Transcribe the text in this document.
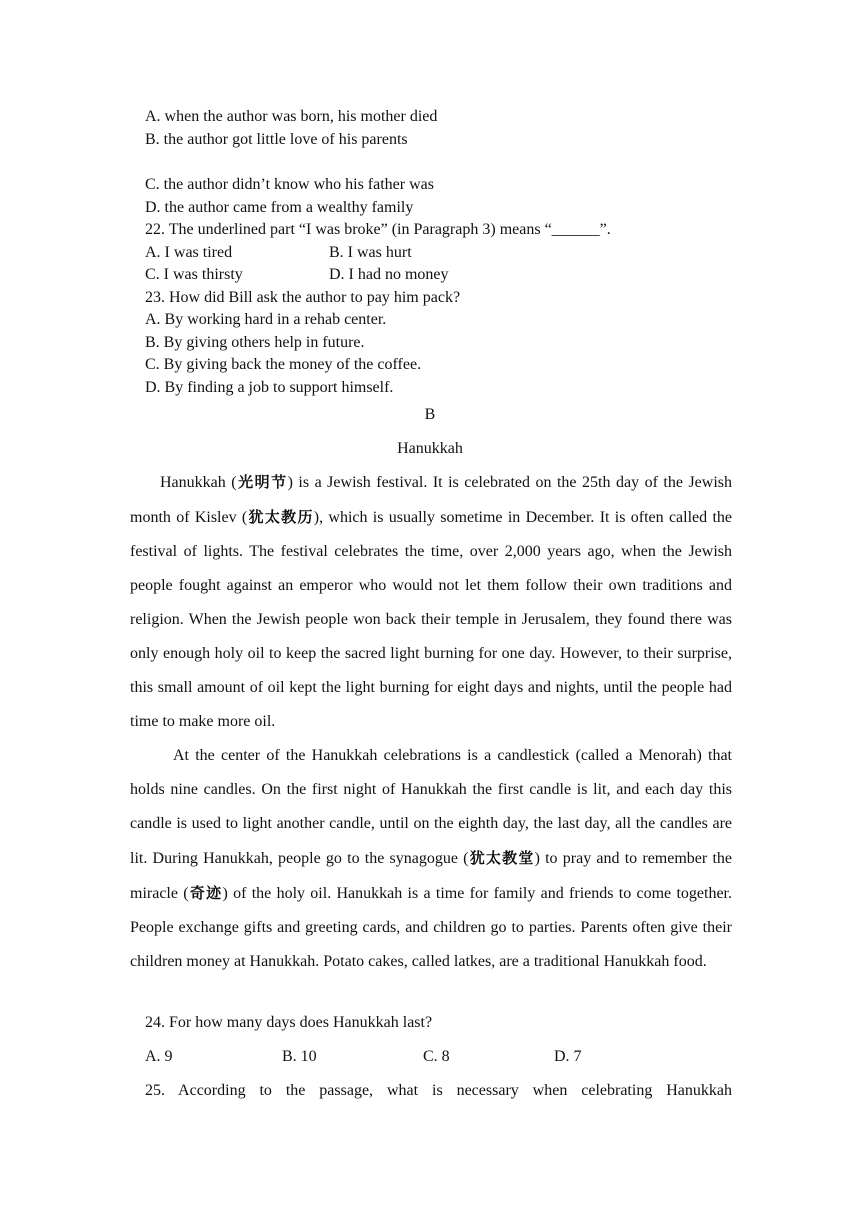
A. when the author was born, his mother died
B. the author got little love of his parents
C. the author didn’t know who his father was
D. the author came from a wealthy family
22. The underlined part “I was broke” (in Paragraph 3) means “______”.
A. I was tired	B. I was hurt
C. I was thirsty	D. I had no money
23. How did Bill ask the author to pay him pack?
A. By working hard in a rehab center.
B. By giving others help in future.
C. By giving back the money of the coffee.
D. By finding a job to support himself.
B
Hanukkah

Hanukkah (光明节) is a Jewish festival. It is celebrated on the 25th day of the Jewish month of Kislev (犹太教历), which is usually sometime in December. It is often called the festival of lights. The festival celebrates the time, over 2,000 years ago, when the Jewish people fought against an emperor who would not let them follow their own traditions and religion. When the Jewish people won back their temple in Jerusalem, they found there was only enough holy oil to keep the sacred light burning for one day. However, to their surprise, this small amount of oil kept the light burning for eight days and nights, until the people had time to make more oil.

At the center of the Hanukkah celebrations is a candlestick (called a Menorah) that holds nine candles. On the first night of Hanukkah the first candle is lit, and each day this candle is used to light another candle, until on the eighth day, the last day, all the candles are lit. During Hanukkah, people go to the synagogue (犹太教堂) to pray and to remember the miracle (奇迹) of the holy oil. Hanukkah is a time for family and friends to come together. People exchange gifts and greeting cards, and children go to parties. Parents often give their children money at Hanukkah. Potato cakes, called latkes, are a traditional Hanukkah food.

24. For how many days does Hanukkah last?
A. 9	B. 10	C. 8	D. 7
25. According to the passage, what is necessary when celebrating Hanukkah
